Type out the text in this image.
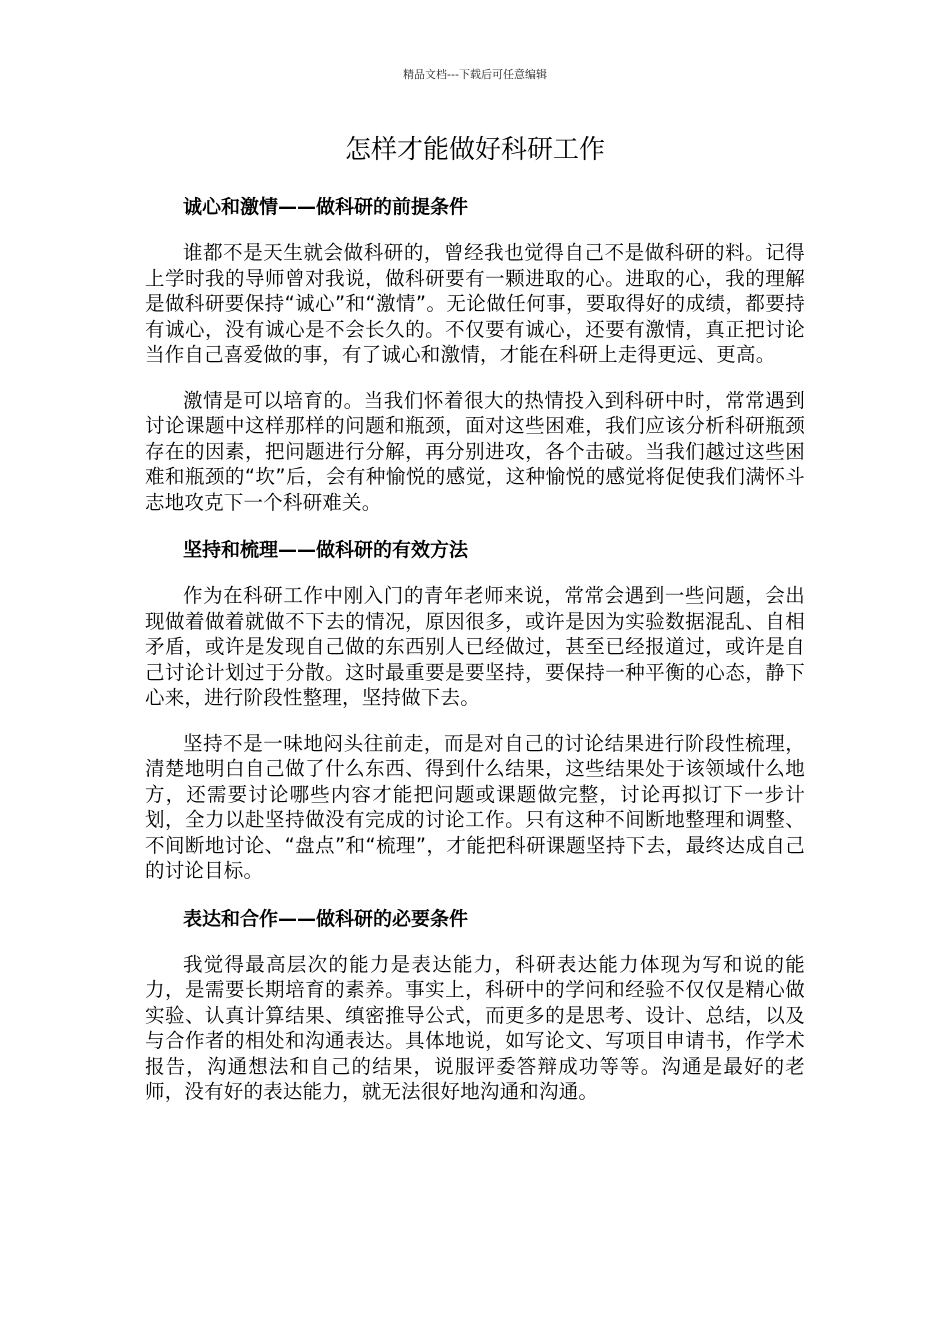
精品文档---下载后可任意编辑
怎样才能做好科研工作
诚心和激情——做科研的前提条件

谁都不是天生就会做科研的，曾经我也觉得自己不是做科研的料。记得上学时我的导师曾对我说，做科研要有一颗进取的心。进取的心，我的理解是做科研要保持“诚心”和“激情”。无论做任何事，要取得好的成绩，都要持有诚心，没有诚心是不会长久的。不仅要有诚心，还要有激情，真正把讨论当作自己喜爱做的事，有了诚心和激情，才能在科研上走得更远、更高。

激情是可以培育的。当我们怀着很大的热情投入到科研中时，常常遇到讨论课题中这样那样的问题和瓶颈，面对这些困难，我们应该分析科研瓶颈存在的因素，把问题进行分解，再分别进攻，各个击破。当我们越过这些困难和瓶颈的“坎”后，会有种愉悦的感觉，这种愉悦的感觉将促使我们满怀斗志地攻克下一个科研难关。

坚持和梳理——做科研的有效方法

作为在科研工作中刚入门的青年老师来说，常常会遇到一些问题，会出现做着做着就做不下去的情况，原因很多，或许是因为实验数据混乱、自相矛盾，或许是发现自己做的东西别人已经做过，甚至已经报道过，或许是自己讨论计划过于分散。这时最重要是要坚持，要保持一种平衡的心态，静下心来，进行阶段性整理，坚持做下去。

坚持不是一味地闷头往前走，而是对自己的讨论结果进行阶段性梳理，清楚地明白自己做了什么东西、得到什么结果，这些结果处于该领域什么地方，还需要讨论哪些内容才能把问题或课题做完整，讨论再拟订下一步计划，全力以赴坚持做没有完成的讨论工作。只有这种不间断地整理和调整、不间断地讨论、“盘点”和“梳理”，才能把科研课题坚持下去，最终达成自己的讨论目标。

表达和合作——做科研的必要条件

我觉得最高层次的能力是表达能力，科研表达能力体现为写和说的能力，是需要长期培育的素养。事实上，科研中的学问和经验不仅仅是精心做实验、认真计算结果、缜密推导公式，而更多的是思考、设计、总结，以及与合作者的相处和沟通表达。具体地说，如写论文、写项目申请书，作学术报告，沟通想法和自己的结果，说服评委答辩成功等等。沟通是最好的老师，没有好的表达能力，就无法很好地沟通和沟通。
